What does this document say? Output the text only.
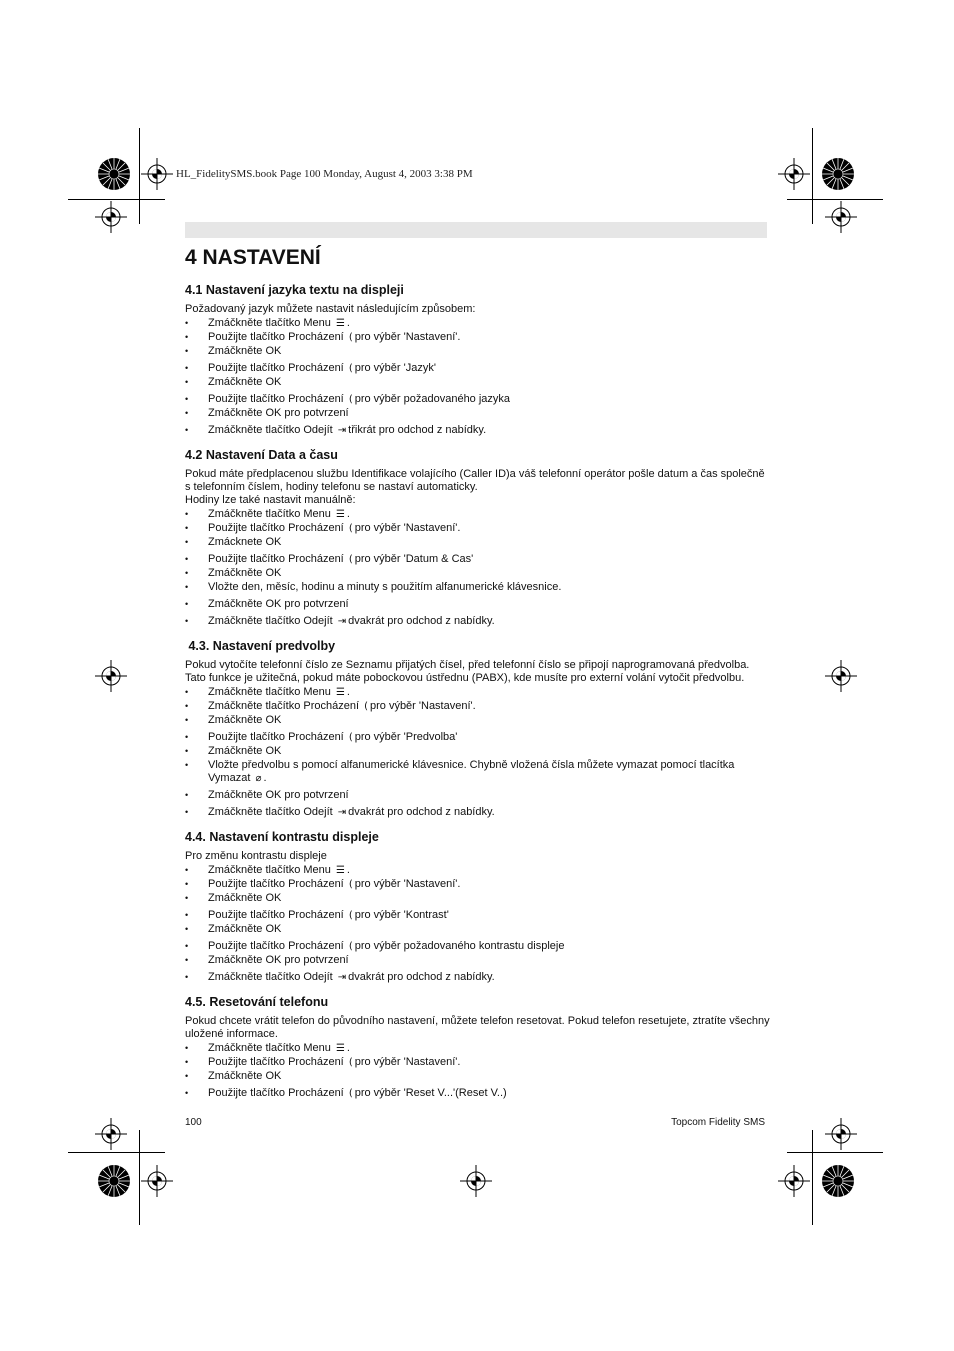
HL_FidelitySMS.book Page 100 Monday, August 4, 2003 3:38 PM
4 NASTAVENÍ
4.1 Nastavení jazyka textu na displeji

Požadovaný jazyk můžete nastavit následujícím způsobem:

• Zmáčkněte tlačítko Menu ☰ .
• Použijte tlačítko Procházení ( pro výběr 'Nastavení'.
• Zmáčkněte OK
• Použijte tlačítko Procházení ( pro výběr 'Jazyk'
• Zmáčkněte OK
• Použijte tlačítko Procházení ( pro výběr požadovaného jazyka
• Zmáčkněte OK pro potvrzení
• Zmáčkněte tlačítko Odejít ⇥ třikrát pro odchod z nabídky.
4.2 Nastavení Data a času

Pokud máte předplacenou službu Identifikace volajícího (Caller ID)a váš telefonní operátor pošle datum a čas společně s telefonním číslem, hodiny telefonu se nastaví automaticky.

Hodiny lze také nastavit manuálně:

• Zmáčkněte tlačítko Menu ☰ .
• Použijte tlačítko Procházení ( pro výběr 'Nastavení'.
• Zmácknete OK
• Použijte tlačítko Procházení ( pro výběr 'Datum & Cas'
• Zmáčkněte OK
• Vložte den, měsíc, hodinu a minuty s použitím alfanumerické klávesnice.
• Zmáčkněte OK pro potvrzení
• Zmáčkněte tlačítko Odejít ⇥ dvakrát pro odchod z nabídky.
4.3. Nastavení predvolby

Pokud vytočíte telefonní číslo ze Seznamu přijatých čísel, před telefonní číslo se připojí naprogramovaná předvolba.

Tato funkce je užitečná, pokud máte pobockovou ústřednu (PABX), kde musíte pro externí volání vytočit předvolbu.

• Zmáčkněte tlačítko Menu ☰ .
• Zmáčkněte tlačítko Procházení ( pro výběr 'Nastavení'.
• Zmáčkněte OK
• Použijte tlačítko Procházení ( pro výběr 'Predvolba'
• Zmáčkněte OK
• Vložte předvolbu s pomocí alfanumerické klávesnice. Chybně vložená čísla můžete vymazat pomocí tlacítka
Vymazat ⌀ .
• Zmáčkněte OK pro potvrzení
• Zmáčkněte tlačítko Odejít ⇥ dvakrát pro odchod z nabídky.
4.4. Nastavení kontrastu displeje

Pro změnu kontrastu displeje

• Zmáčkněte tlačítko Menu ☰ .
• Použijte tlačítko Procházení ( pro výběr 'Nastavení'.
• Zmáčkněte OK
• Použijte tlačítko Procházení ( pro výběr 'Kontrast'
• Zmáčkněte OK
• Použijte tlačítko Procházení ( pro výběr požadovaného kontrastu displeje
• Zmáčkněte OK pro potvrzení
• Zmáčkněte tlačítko Odejít ⇥ dvakrát pro odchod z nabídky.
4.5. Resetování telefonu

Pokud chcete vrátit telefon do původního nastavení, můžete telefon resetovat. Pokud telefon resetujete, ztratíte všechny uložené informace.

• Zmáčkněte tlačítko Menu ☰ .
• Použijte tlačítko Procházení ( pro výběr 'Nastavení'.
• Zmáčkněte OK
• Použijte tlačítko Procházení ( pro výběr 'Reset V...'(Reset V..)
100	Topcom Fidelity SMS
